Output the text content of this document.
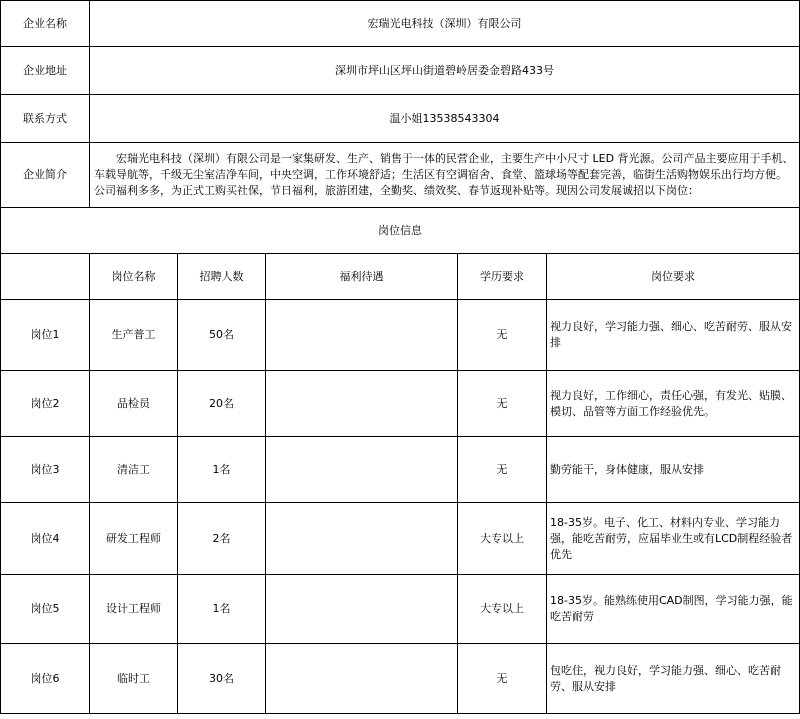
企业名称	宏瑞光电科技（深圳）有限公司				
企业地址	深圳市坪山区坪山街道碧岭居委金碧路433号				
联系方式	温小姐13538543304				
企业简介	宏瑞光电科技（深圳）有限公司是一家集研发、生产、销售于一体的民营企业，主要生产中小尺寸 LED 背光源。公司产品主要应用于手机、车载导航等，千级无尘室洁净车间，中央空调，工作环境舒适；生活区有空调宿舍、食堂、篮球场等配套完善，临街生活购物娱乐出行均方便。公司福利多多，为正式工购买社保，节日福利，旅游团建，全勤奖、绩效奖、春节返现补贴等。现因公司发展诚招以下岗位：				
岗位信息					
	岗位名称	招聘人数	福利待遇	学历要求	岗位要求
岗位1	生产普工	50名		无	视力良好，学习能力强、细心、吃苦耐劳、服从安排
岗位2	品检员	20名		无	视力良好，工作细心，责任心强，有发光、贴膜、模切、品管等方面工作经验优先。
岗位3	清洁工	1名		无	勤劳能干，身体健康，服从安排
岗位4	研发工程师	2名		大专以上	18-35岁。电子、化工、材料内专业、学习能力强，能吃苦耐劳，应届毕业生或有LCD制程经验者优先
岗位5	设计工程师	1名		大专以上	18-35岁。能熟练使用CAD制图，学习能力强，能吃苦耐劳
岗位6	临时工	30名		无	包吃住，视力良好，学习能力强、细心、吃苦耐劳、服从安排
